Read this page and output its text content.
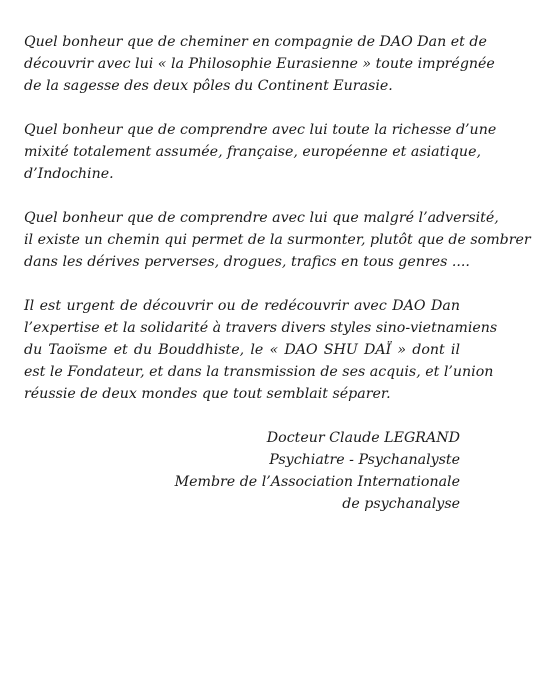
Quel bonheur que de cheminer en compagnie de DAO Dan et de
découvrir avec lui « la Philosophie Eurasienne » toute imprégnée
de la sagesse des deux pôles du Continent Eurasie.
Quel bonheur que de comprendre avec lui toute la richesse d’une
mixité totalement assumée, française, européenne et asiatique,
d’Indochine.
Quel bonheur que de comprendre avec lui que malgré l’adversité,
il existe un chemin qui permet de la surmonter, plutôt que de sombrer
dans les dérives perverses, drogues, trafics en tous genres ....
Il est urgent de découvrir ou de redécouvrir avec DAO Dan
l’expertise et la solidarité à travers divers styles sino-vietnamiens
du Taoïsme et du Bouddhiste, le « DAO SHU DAÏ » dont il
est le Fondateur, et dans la transmission de ses acquis, et l’union
réussie de deux mondes que tout semblait séparer.
Docteur Claude LEGRAND
Psychiatre - Psychanalyste
Membre de l’Association Internationale
de psychanalyse
